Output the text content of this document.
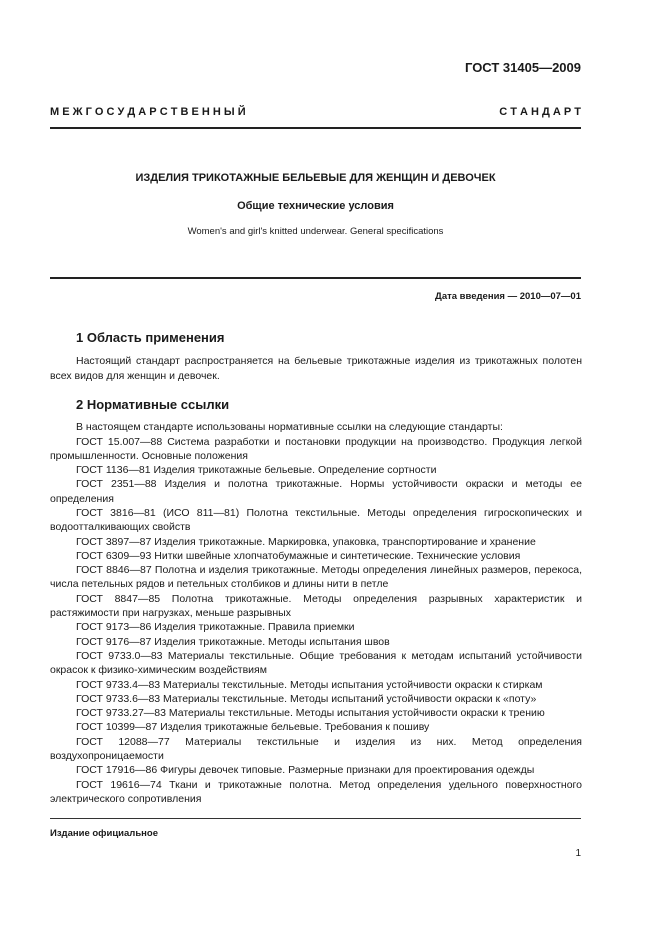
ГОСТ 31405—2009
М Е Ж Г О С У Д А Р С Т В Е Н Н Ы Й	С Т А Н Д А Р Т
ИЗДЕЛИЯ ТРИКОТАЖНЫЕ БЕЛЬЕВЫЕ ДЛЯ ЖЕНЩИН И ДЕВОЧЕК
Общие технические условия
Women's and girl's knitted underwear. General specifications
Дата введения — 2010—07—01
1 Область применения

Настоящий стандарт распространяется на бельевые трикотажные изделия из трикотажных полотен всех видов для женщин и девочек.

2 Нормативные ссылки

В настоящем стандарте использованы нормативные ссылки на следующие стандарты:

ГОСТ 15.007—88 Система разработки и постановки продукции на производство. Продукция легкой промышленности. Основные положения

ГОСТ 1136—81 Изделия трикотажные бельевые. Определение сортности

ГОСТ 2351—88 Изделия и полотна трикотажные. Нормы устойчивости окраски и методы ее определения

ГОСТ 3816—81 (ИСО 811—81) Полотна текстильные. Методы определения гигроскопических и водоотталкивающих свойств

ГОСТ 3897—87 Изделия трикотажные. Маркировка, упаковка, транспортирование и хранение

ГОСТ 6309—93 Нитки швейные хлопчатобумажные и синтетические. Технические условия

ГОСТ 8846—87 Полотна и изделия трикотажные. Методы определения линейных размеров, перекоса, числа петельных рядов и петельных столбиков и длины нити в петле

ГОСТ 8847—85 Полотна трикотажные. Методы определения разрывных характеристик и растяжимости при нагрузках, меньше разрывных

ГОСТ 9173—86 Изделия трикотажные. Правила приемки

ГОСТ 9176—87 Изделия трикотажные. Методы испытания швов

ГОСТ 9733.0—83 Материалы текстильные. Общие требования к методам испытаний устойчивости окрасок к физико-химическим воздействиям

ГОСТ 9733.4—83 Материалы текстильные. Методы испытания устойчивости окраски к стиркам

ГОСТ 9733.6—83 Материалы текстильные. Методы испытаний устойчивости окраски к «поту»

ГОСТ 9733.27—83 Материалы текстильные. Методы испытания устойчивости окраски к трению

ГОСТ 10399—87 Изделия трикотажные бельевые. Требования к пошиву

ГОСТ 12088—77 Материалы текстильные и изделия из них. Метод определения воздухопроницаемости

ГОСТ 17916—86 Фигуры девочек типовые. Размерные признаки для проектирования одежды

ГОСТ 19616—74 Ткани и трикотажные полотна. Метод определения удельного поверхностного электрического сопротивления

Издание официальное
1
